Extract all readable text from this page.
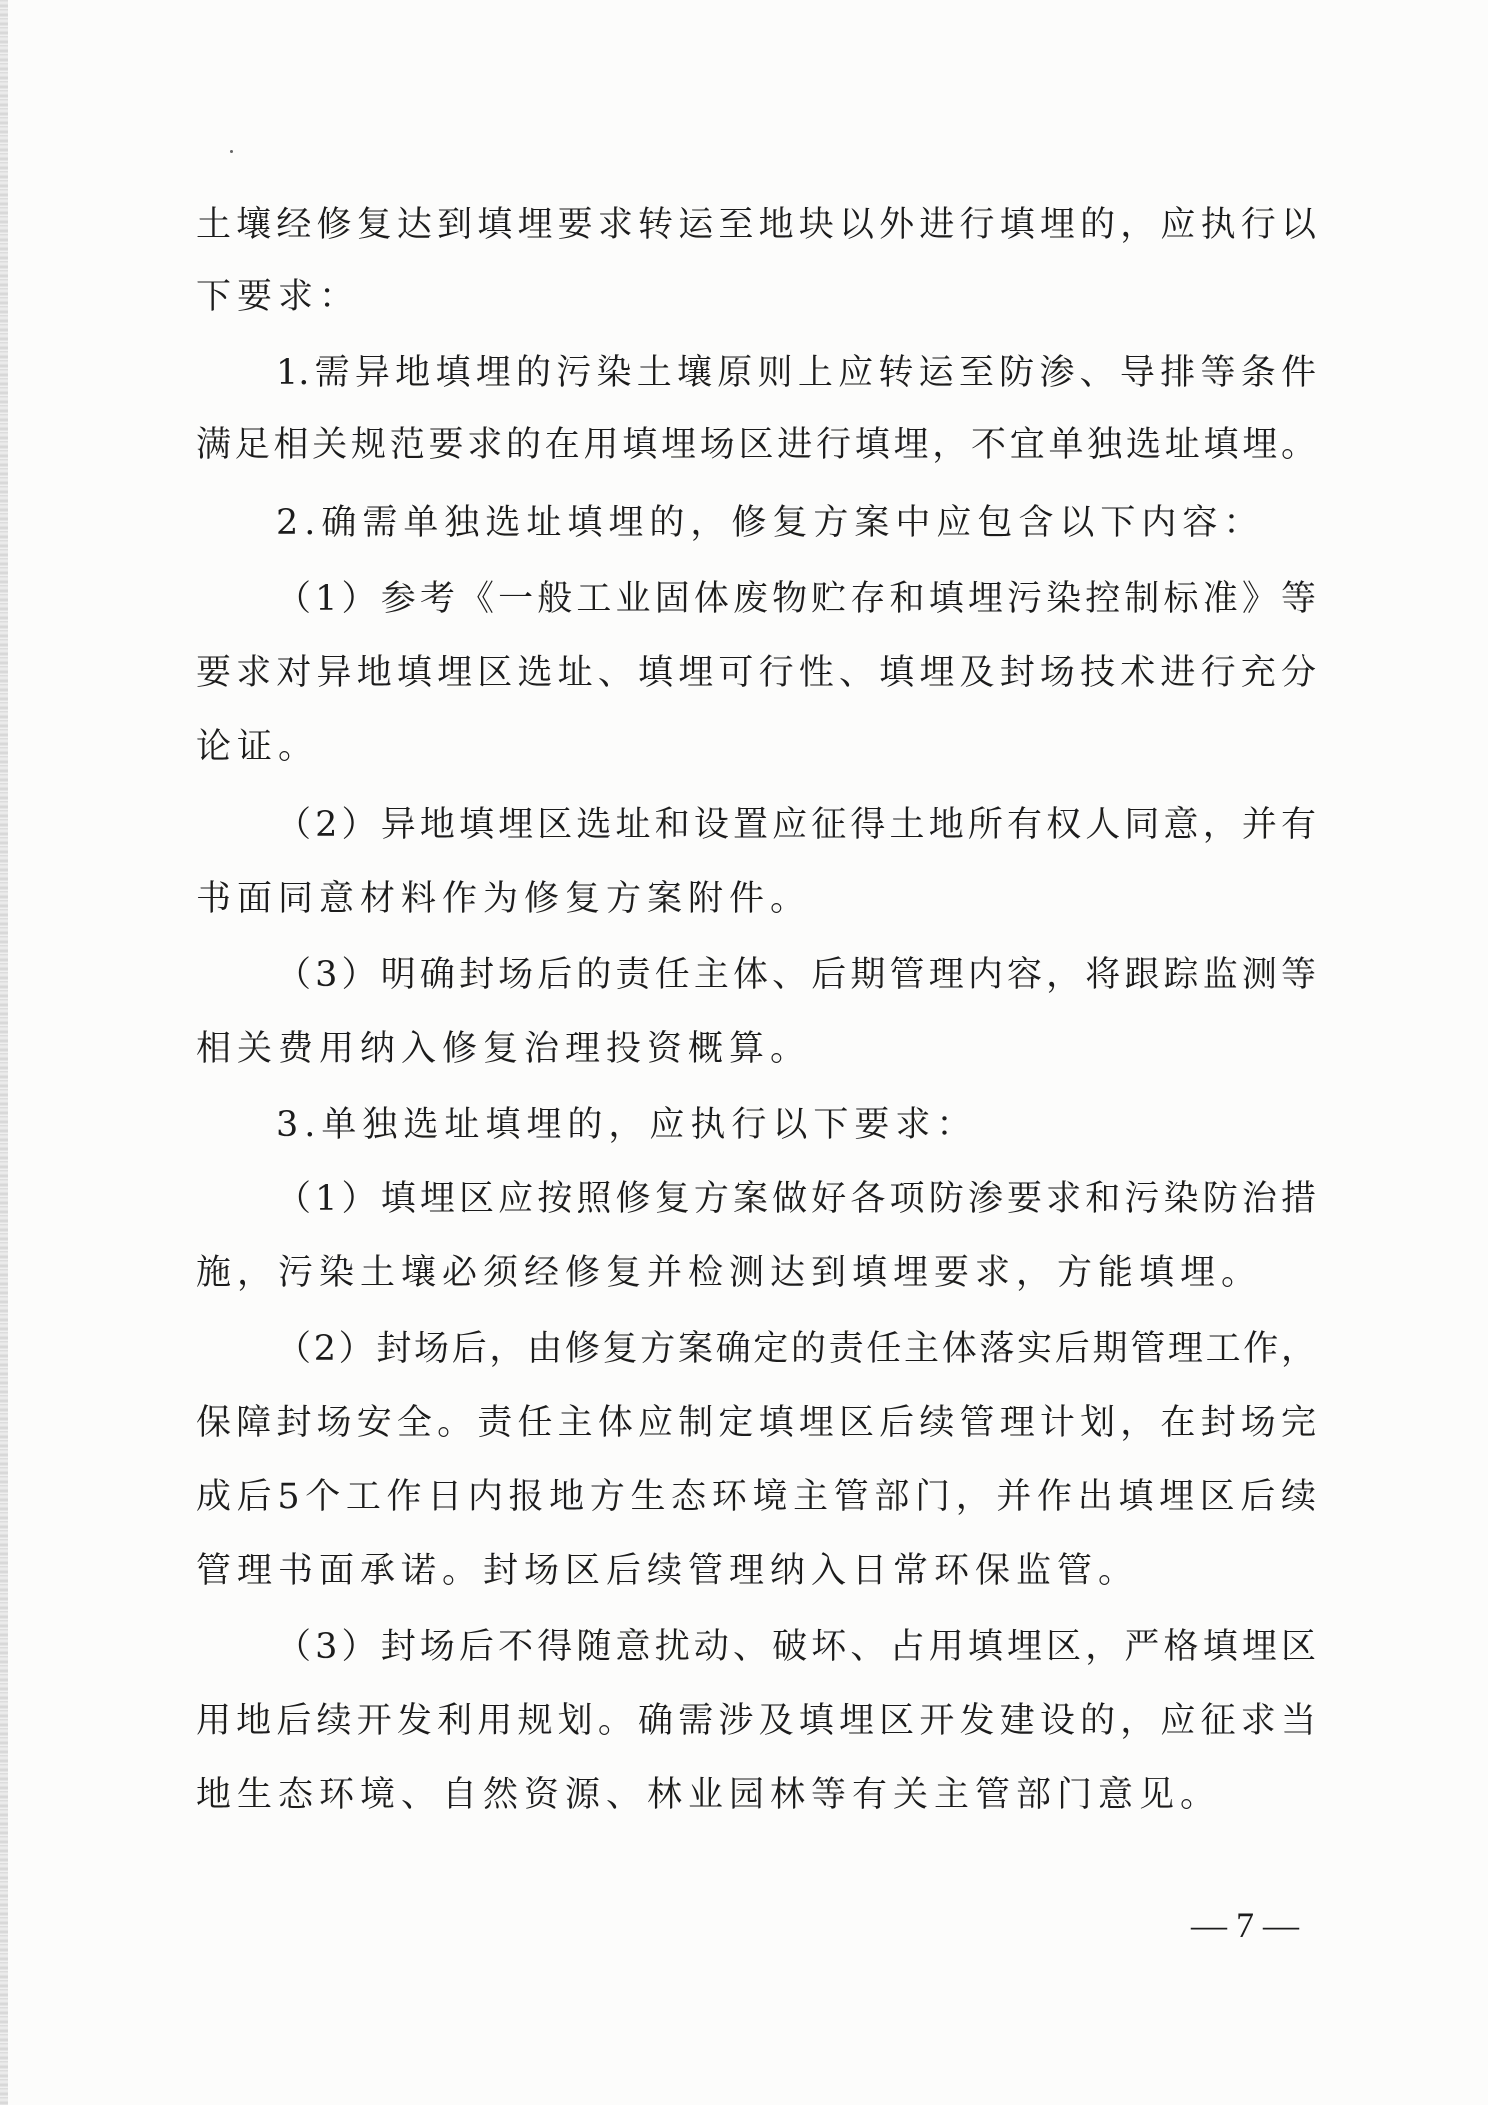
土壤经修复达到填埋要求转运至地块以外进行填埋的，应执行以
下要求：
1.需异地填埋的污染土壤原则上应转运至防渗、导排等条件
满足相关规范要求的在用填埋场区进行填埋，不宜单独选址填埋。
2.确需单独选址填埋的，修复方案中应包含以下内容：
（1）参考《一般工业固体废物贮存和填埋污染控制标准》等
要求对异地填埋区选址、填埋可行性、填埋及封场技术进行充分
论证。
（2）异地填埋区选址和设置应征得土地所有权人同意，并有
书面同意材料作为修复方案附件。
（3）明确封场后的责任主体、后期管理内容，将跟踪监测等
相关费用纳入修复治理投资概算。
3.单独选址填埋的，应执行以下要求：
（1）填埋区应按照修复方案做好各项防渗要求和污染防治措
施，污染土壤必须经修复并检测达到填埋要求，方能填埋。
（2）封场后，由修复方案确定的责任主体落实后期管理工作，
保障封场安全。责任主体应制定填埋区后续管理计划，在封场完
成后5个工作日内报地方生态环境主管部门，并作出填埋区后续
管理书面承诺。封场区后续管理纳入日常环保监管。
（3）封场后不得随意扰动、破坏、占用填埋区，严格填埋区
用地后续开发利用规划。确需涉及填埋区开发建设的，应征求当
地生态环境、自然资源、林业园林等有关主管部门意见。
— 7 —
